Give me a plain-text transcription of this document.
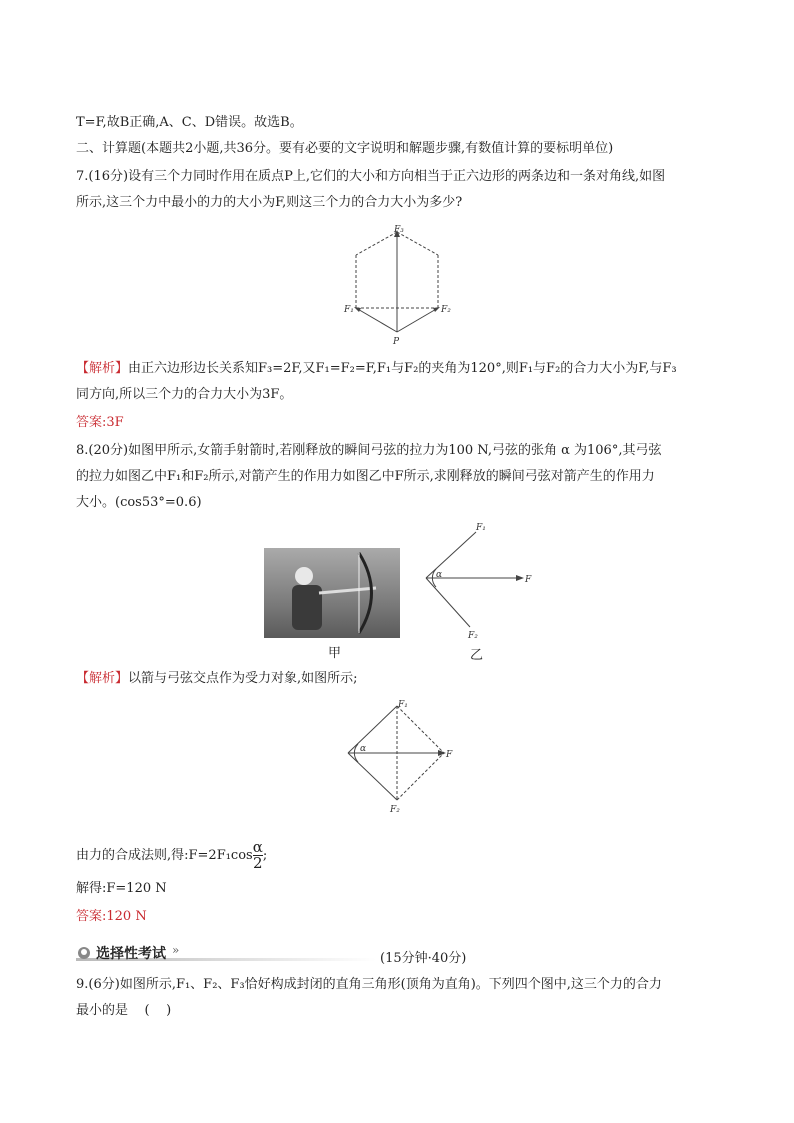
T=F,故B正确,A、C、D错误。故选B。
二、计算题(本题共2小题,共36分。要有必要的文字说明和解题步骤,有数值计算的要标明单位)
7.(16分)设有三个力同时作用在质点P上,它们的大小和方向相当于正六边形的两条边和一条对角线,如图
所示,这三个力中最小的力的大小为F,则这三个力的合力大小为多少?
F₃
F₁	F₂
P
【解析】由正六边形边长关系知F₃=2F,又F₁=F₂=F,F₁与F₂的夹角为120°,则F₁与F₂的合力大小为F,与F₃
同方向,所以三个力的合力大小为3F。
答案:3F
8.(20分)如图甲所示,女箭手射箭时,若刚释放的瞬间弓弦的拉力为100 N,弓弦的张角 α 为106°,其弓弦
的拉力如图乙中F₁和F₂所示,对箭产生的作用力如图乙中F所示,求刚释放的瞬间弓弦对箭产生的作用力
大小。(cos53°=0.6)
甲
F₁
F₂
F
α
乙
【解析】以箭与弓弦交点作为受力对象,如图所示;
F₁
F₂
F
α
由力的合成法则,得:F=2F₁cos $\frac{\alpha}{2}$ ;
解得:F=120 N
答案:120 N
选择性考试 »
(15分钟·40分)
9.(6分)如图所示,F₁、F₂、F₃恰好构成封闭的直角三角形(顶角为直角)。下列四个图中,这三个力的合力
最小的是    (    )
